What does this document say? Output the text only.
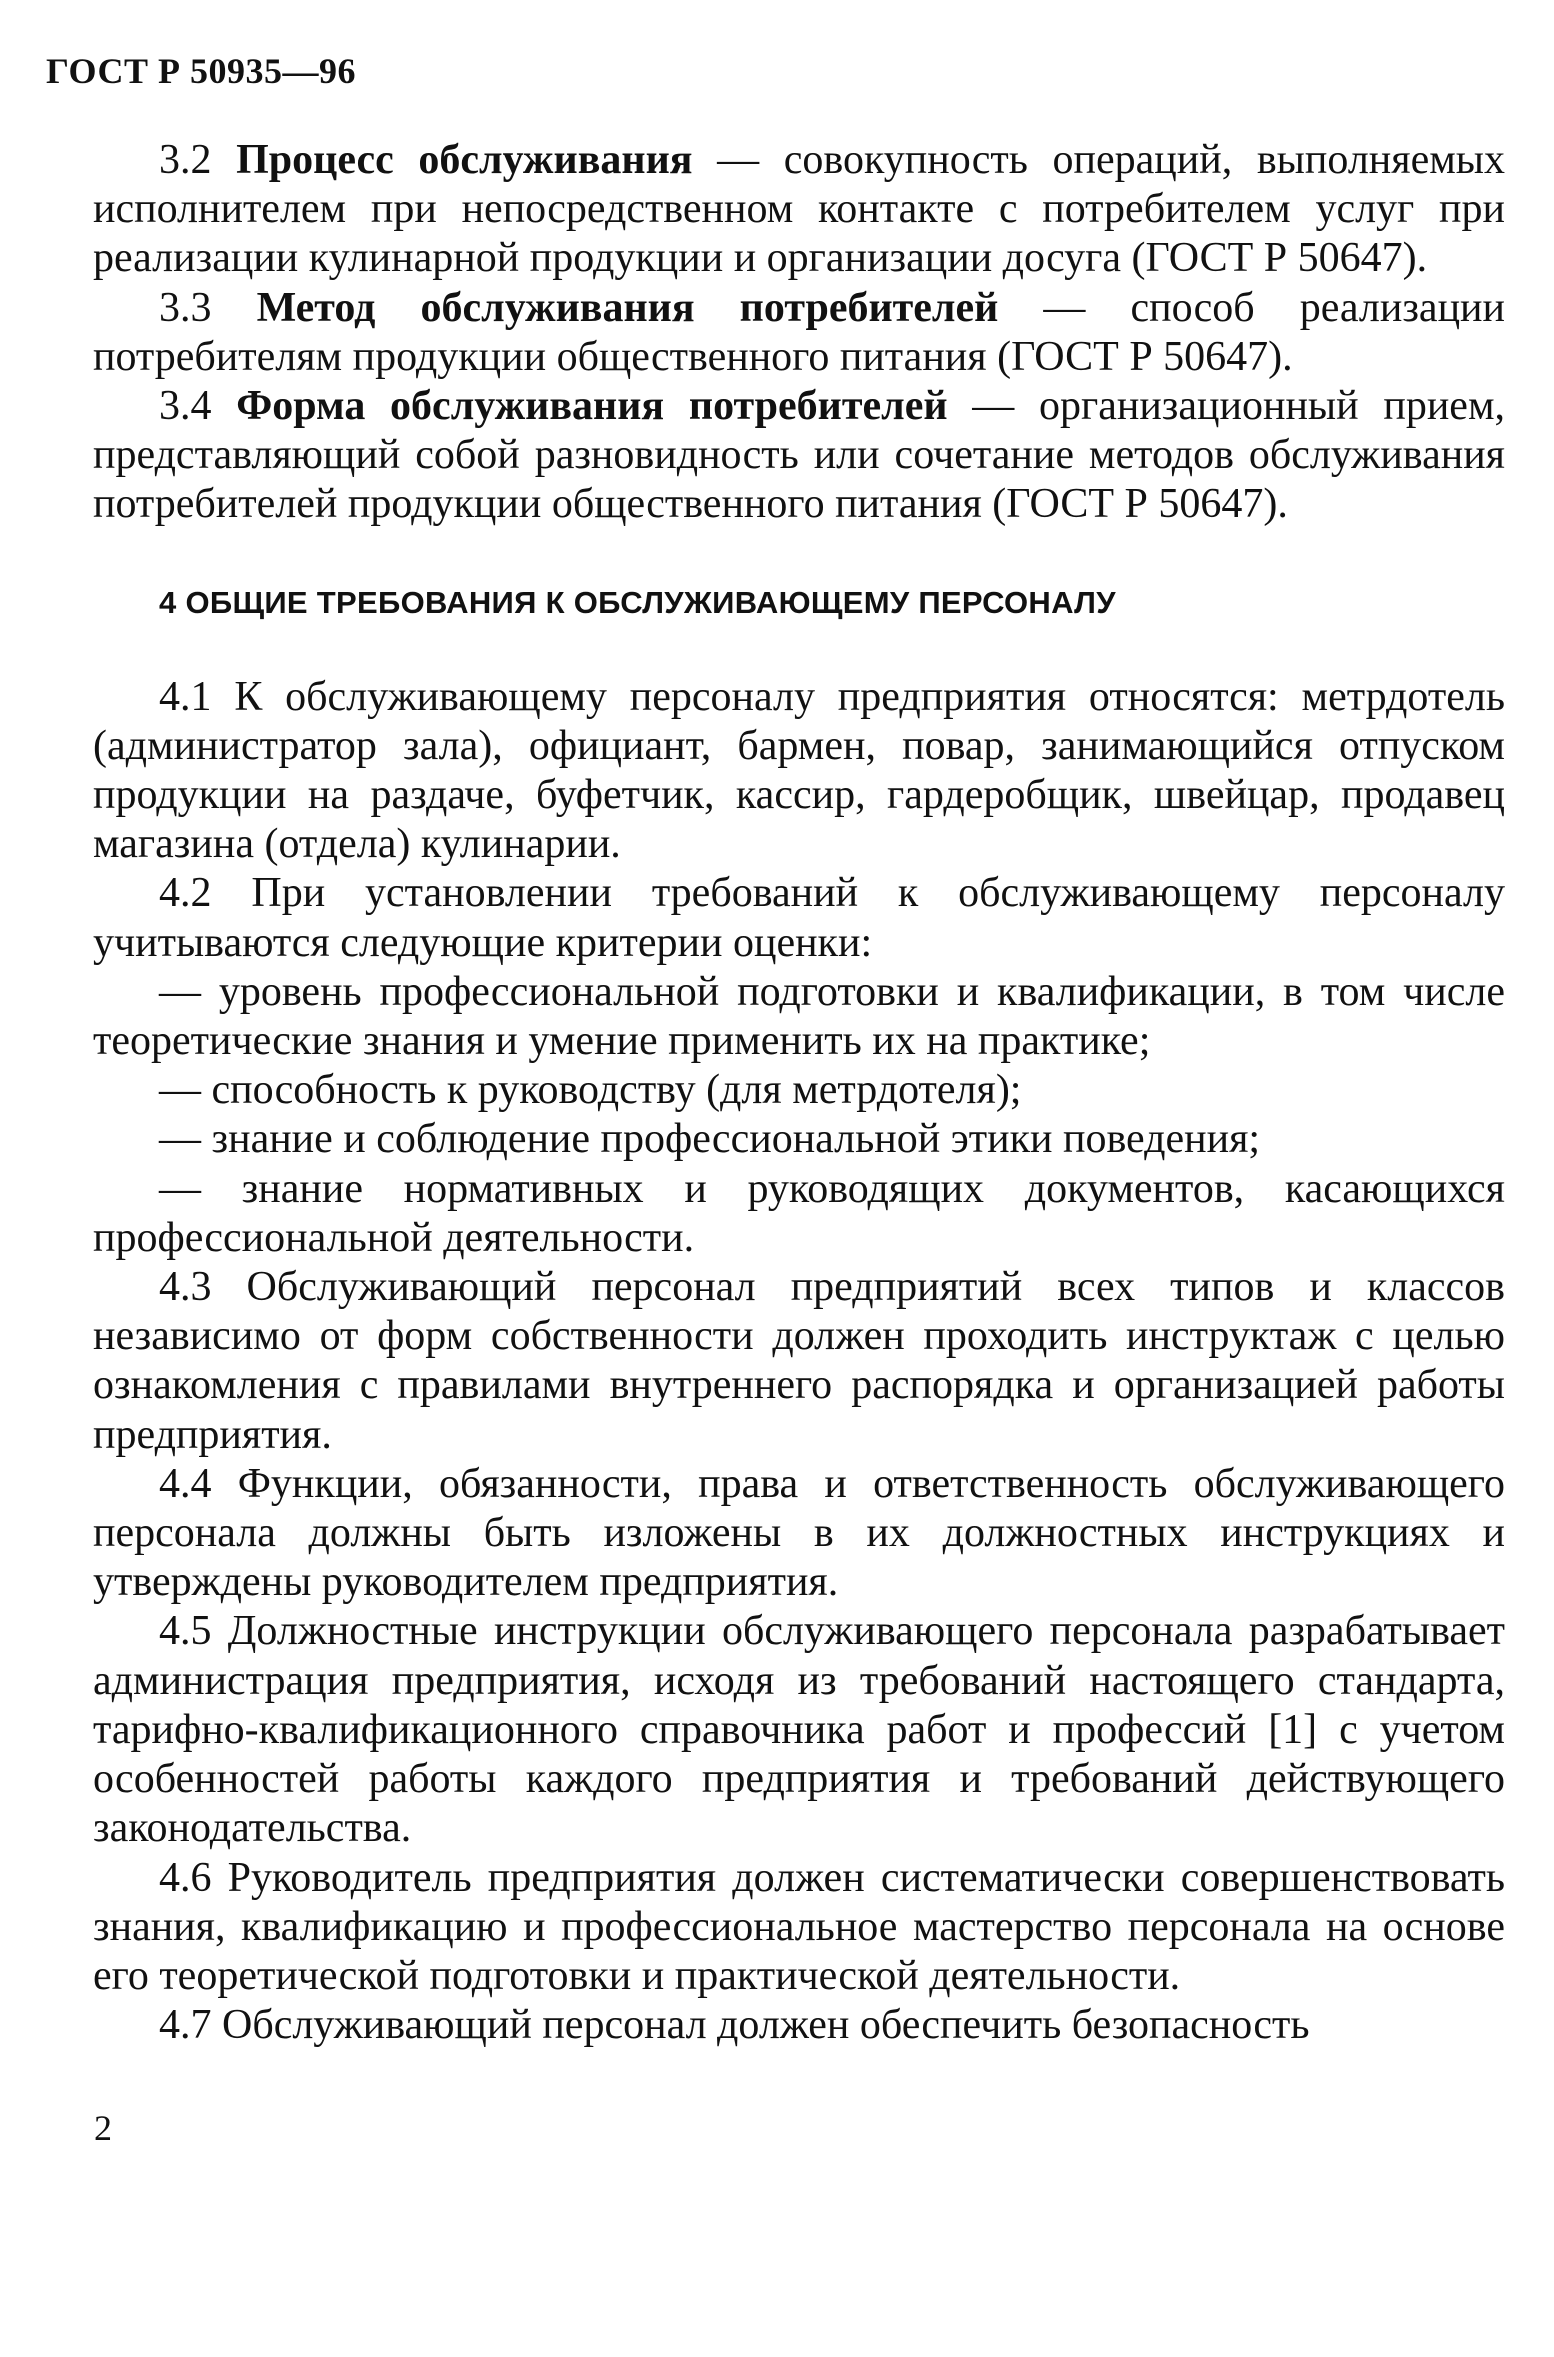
ГОСТ Р 50935—96

3.2 Процесс обслуживания — совокупность операций, выполняемых исполнителем при непосредственном контакте с потребителем услуг при реализации кулинарной продукции и организации досуга (ГОСТ Р 50647).

3.3 Метод обслуживания потребителей — способ реализации потребителям продукции общественного питания (ГОСТ Р 50647).

3.4 Форма обслуживания потребителей — организационный прием, представляющий собой разновидность или сочетание методов обслуживания потребителей продукции общественного питания (ГОСТ Р 50647).

4 ОБЩИЕ ТРЕБОВАНИЯ К ОБСЛУЖИВАЮЩЕМУ ПЕРСОНАЛУ

4.1 К обслуживающему персоналу предприятия относятся: метрдотель (администратор зала), официант, бармен, повар, занимающийся отпуском продукции на раздаче, буфетчик, кассир, гардеробщик, швейцар, продавец магазина (отдела) кулинарии.

4.2 При установлении требований к обслуживающему персоналу учитываются следующие критерии оценки:

— уровень профессиональной подготовки и квалификации, в том числе теоретические знания и умение применить их на практике;

— способность к руководству (для метрдотеля);

— знание и соблюдение профессиональной этики поведения;

— знание нормативных и руководящих документов, касающихся профессиональной деятельности.

4.3 Обслуживающий персонал предприятий всех типов и классов независимо от форм собственности должен проходить инструктаж с целью ознакомления с правилами внутреннего распорядка и организацией работы предприятия.

4.4 Функции, обязанности, права и ответственность обслуживающего персонала должны быть изложены в их должностных инструкциях и утверждены руководителем предприятия.

4.5 Должностные инструкции обслуживающего персонала разрабатывает администрация предприятия, исходя из требований настоящего стандарта, тарифно-квалификационного справочника работ и профессий [1] с учетом особенностей работы каждого предприятия и требований действующего законодательства.

4.6 Руководитель предприятия должен систематически совершенствовать знания, квалификацию и профессиональное мастерство персонала на основе его теоретической подготовки и практической деятельности.

4.7 Обслуживающий персонал должен обеспечить безопасность

2
